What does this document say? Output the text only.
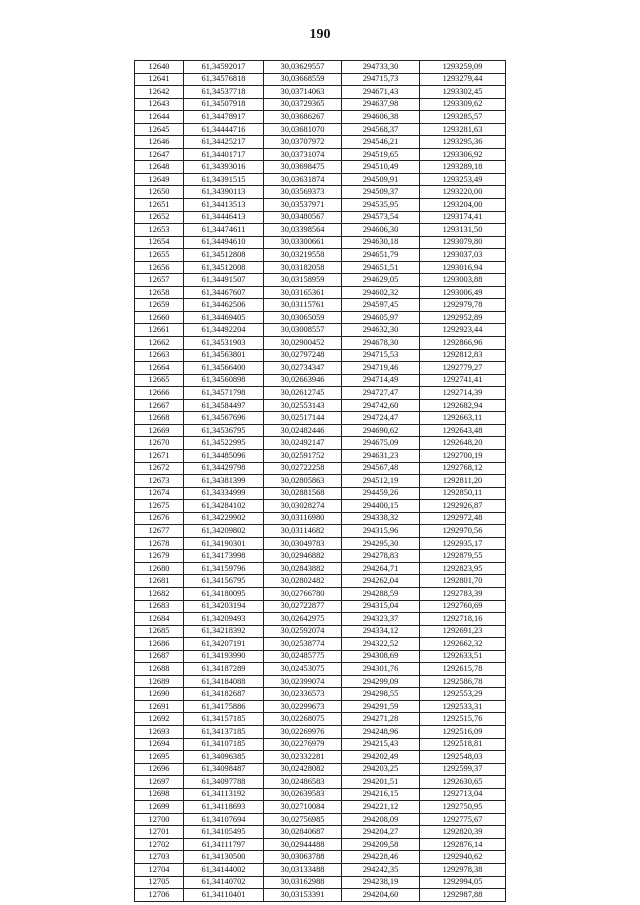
190
12640	61,34592017	30,03629557	294733,30	1293259,09
12641	61,34576818	30,03668559	294715,73	1293279,44
12642	61,34537718	30,03714063	294671,43	1293302,45
12643	61,34507918	30,03729365	294637,98	1293309,62
12644	61,34478917	30,03686267	294606,38	1293285,57
12645	61,34444716	30,03681070	294568,37	1293281,63
12646	61,34425217	30,03707972	294546,21	1293295,36
12647	61,34401717	30,03731074	294519,65	1293306,92
12648	61,34393016	30,03698475	294510,49	1293289,18
12649	61,34391515	30,03631874	294509,91	1293253,49
12650	61,34390113	30,03569373	294509,37	1293220,00
12651	61,34413513	30,03537971	294535,95	1293204,00
12652	61,34446413	30,03480567	294573,54	1293174,41
12653	61,34474611	30,03398564	294606,30	1293131,50
12654	61,34494610	30,03300661	294630,18	1293079,80
12655	61,34512808	30,03219558	294651,79	1293037,03
12656	61,34512008	30,03182058	294651,51	1293016,94
12657	61,34491507	30,03158959	294629,05	1293003,88
12658	61,34467607	30,03165361	294602,32	1293006,49
12659	61,34462506	30,03115761	294597,45	1292979,78
12660	61,34469405	30,03065059	294605,97	1292952,89
12661	61,34492204	30,03008557	294632,30	1292923,44
12662	61,34531903	30,02900452	294678,30	1292866,96
12663	61,34563801	30,02797248	294715,53	1292812,83
12664	61,34566400	30,02734347	294719,46	1292779,27
12665	61,34560898	30,02663946	294714,49	1292741,41
12666	61,34571798	30,02612745	294727,47	1292714,39
12667	61,34584497	30,02553143	294742,60	1292682,94
12668	61,34567696	30,02517144	294724,47	1292663,11
12669	61,34536795	30,02482446	294690,62	1292643,48
12670	61,34522995	30,02492147	294675,09	1292648,20
12671	61,34485096	30,02591752	294631,23	1292700,19
12672	61,34429798	30,02722258	294567,48	1292768,12
12673	61,34381399	30,02805863	294512,19	1292811,20
12674	61,34334999	30,02881568	294459,26	1292850,11
12675	61,34284102	30,03028274	294400,15	1292926,87
12676	61,34229902	30,03116980	294338,32	1292972,48
12677	61,34209802	30,03114682	294315,96	1292970,56
12678	61,34190301	30,03049783	294295,30	1292935,17
12679	61,34173998	30,02946882	294278,83	1292879,55
12680	61,34159796	30,02843882	294264,71	1292823,95
12681	61,34156795	30,02802482	294262,04	1292801,70
12682	61,34180095	30,02766780	294288,59	1292783,39
12683	61,34203194	30,02722877	294315,04	1292760,69
12684	61,34209493	30,02642975	294323,37	1292718,16
12685	61,34218392	30,02592074	294334,12	1292691,23
12686	61,34207191	30,02538774	294322,52	1292662,32
12687	61,34193990	30,02485775	294308,69	1292633,51
12688	61,34187289	30,02453075	294301,76	1292615,78
12689	61,34184088	30,02399074	294299,09	1292586,78
12690	61,34182687	30,02336573	294298,55	1292553,29
12691	61,34175886	30,02299673	294291,59	1292533,31
12692	61,34157185	30,02268075	294271,28	1292515,76
12693	61,34137185	30,02269976	294248,96	1292516,09
12694	61,34107185	30,02276979	294215,43	1292518,81
12695	61,34096385	30,02332281	294202,49	1292548,03
12696	61,34098487	30,02428082	294203,25	1292599,37
12697	61,34097788	30,02486583	294201,51	1292630,65
12698	61,34113192	30,02639583	294216,15	1292713,04
12699	61,34118693	30,02710084	294221,12	1292750,95
12700	61,34107694	30,02756985	294208,09	1292775,67
12701	61,34105495	30,02840687	294204,27	1292820,39
12702	61,34111797	30,02944488	294209,58	1292876,14
12703	61,34130500	30,03063788	294228,46	1292940,62
12704	61,34144002	30,03133488	294242,35	1292978,38
12705	61,34140702	30,03162988	294238,19	1292994,05
12706	61,34110401	30,03153391	294204,60	1292987,88
